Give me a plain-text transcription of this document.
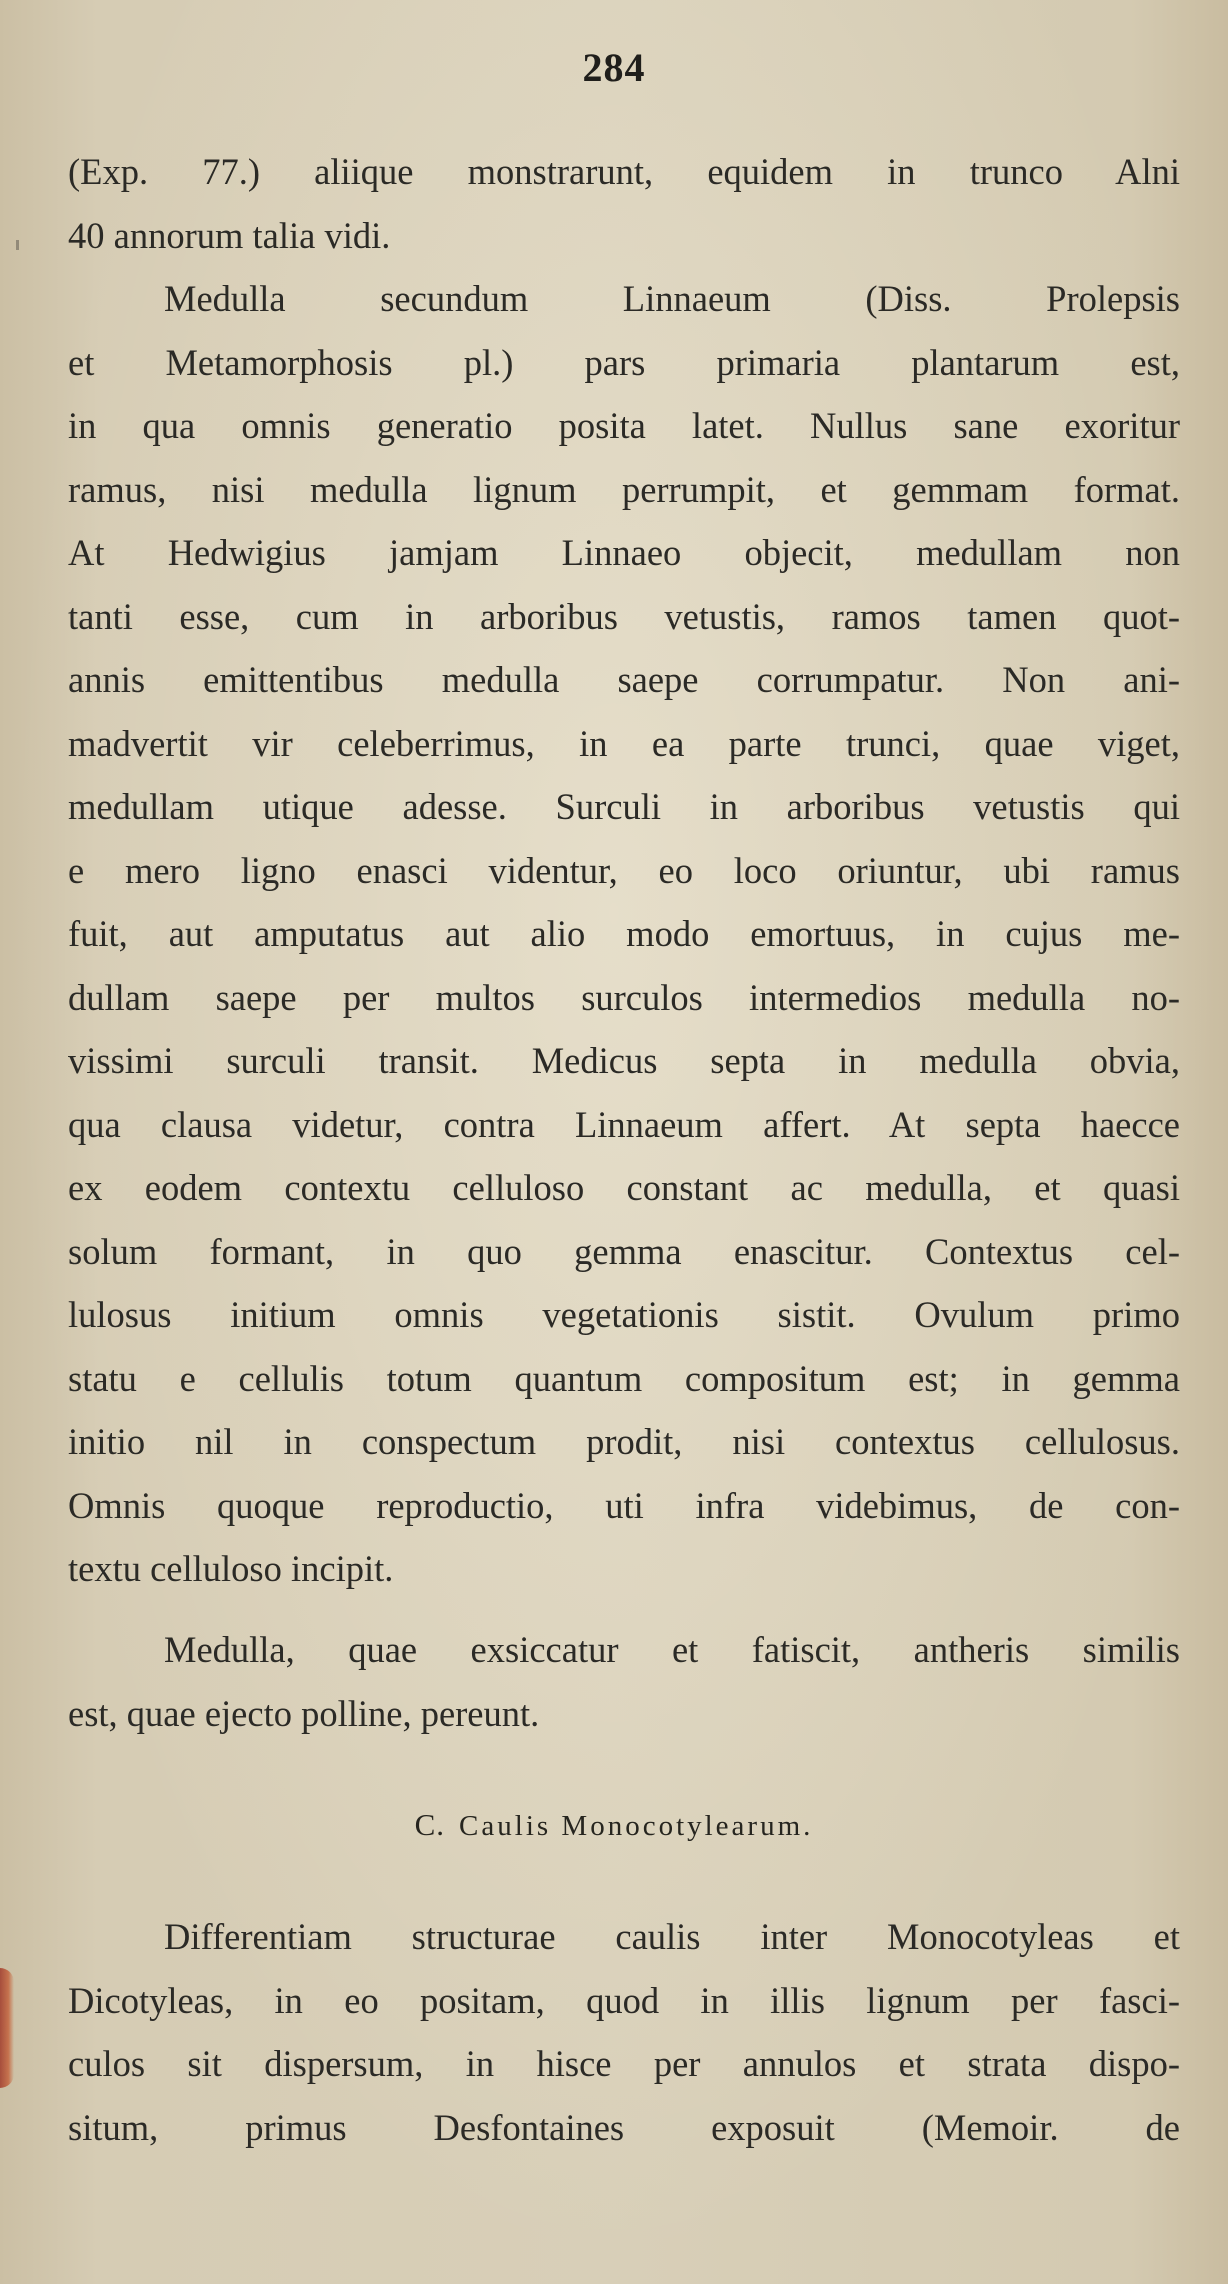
284
(Exp. 77.) aliique monstrarunt, equidem in trunco Alni
40 annorum talia vidi.
Medulla secundum Linnaeum (Diss. Prolepsis
et Metamorphosis pl.) pars primaria plantarum est,
in qua omnis generatio posita latet. Nullus sane exoritur
ramus, nisi medulla lignum perrumpit, et gemmam format.
At Hedwigius jamjam Linnaeo objecit, medullam non
tanti esse, cum in arboribus vetustis, ramos tamen quot-
annis emittentibus medulla saepe corrumpatur. Non ani-
madvertit vir celeberrimus, in ea parte trunci, quae viget,
medullam utique adesse. Surculi in arboribus vetustis qui
e mero ligno enasci videntur, eo loco oriuntur, ubi ramus
fuit, aut amputatus aut alio modo emortuus, in cujus me-
dullam saepe per multos surculos intermedios medulla no-
vissimi surculi transit. Medicus septa in medulla obvia,
qua clausa videtur, contra Linnaeum affert. At septa haecce
ex eodem contextu celluloso constant ac medulla, et quasi
solum formant, in quo gemma enascitur. Contextus cel-
lulosus initium omnis vegetationis sistit. Ovulum primo
statu e cellulis totum quantum compositum est; in gemma
initio nil in conspectum prodit, nisi contextus cellulosus.
Omnis quoque reproductio, uti infra videbimus, de con-
textu celluloso incipit.
Medulla, quae exsiccatur et fatiscit, antheris similis
est, quae ejecto polline, pereunt.
C. Caulis Monocotylearum.
Differentiam structurae caulis inter Monocotyleas et
Dicotyleas, in eo positam, quod in illis lignum per fasci-
culos sit dispersum, in hisce per annulos et strata dispo-
situm, primus Desfontaines exposuit (Memoir. de
